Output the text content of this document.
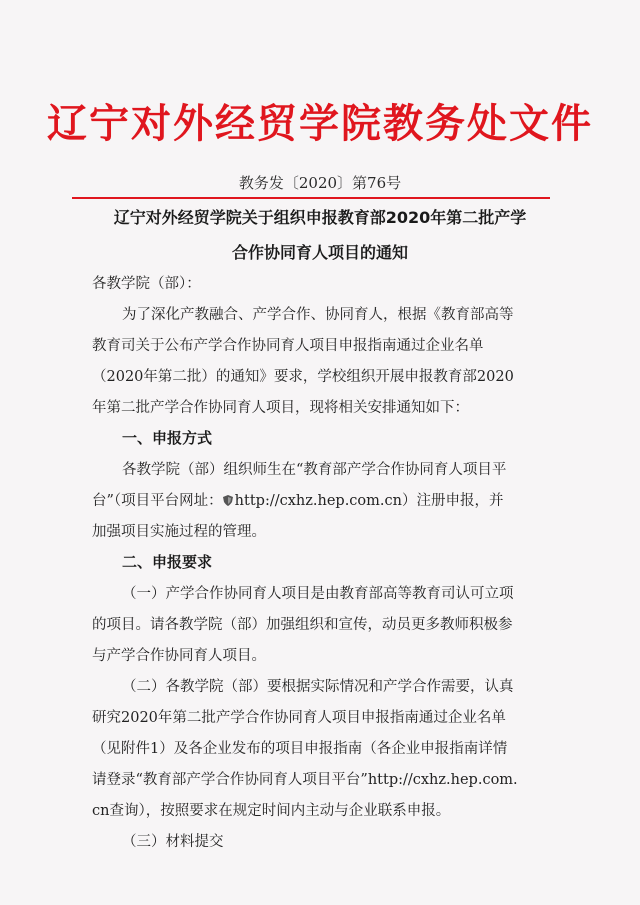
辽宁对外经贸学院教务处文件
教务发〔2020〕第76号
辽宁对外经贸学院关于组织申报教育部2020年第二批产学
合作协同育人项目的通知
各教学院（部）：
为了深化产教融合、产学合作、协同育人，根据《教育部高等
教育司关于公布产学合作协同育人项目申报指南通过企业名单
（2020年第二批）的通知》要求，学校组织开展申报教育部2020
年第二批产学合作协同育人项目，现将相关安排通知如下：
一、申报方式
各教学院（部）组织师生在“教育部产学合作协同育人项目平
台”（项目平台网址： http://cxhz.hep.com.cn）注册申报，并
加强项目实施过程的管理。
二、申报要求
（一）产学合作协同育人项目是由教育部高等教育司认可立项
的项目。请各教学院（部）加强组织和宣传，动员更多教师积极参
与产学合作协同育人项目。
（二）各教学院（部）要根据实际情况和产学合作需要，认真
研究2020年第二批产学合作协同育人项目申报指南通过企业名单
（见附件1）及各企业发布的项目申报指南（各企业申报指南详情
请登录“教育部产学合作协同育人项目平台”http://cxhz.hep.com.
cn查询），按照要求在规定时间内主动与企业联系申报。
（三）材料提交
